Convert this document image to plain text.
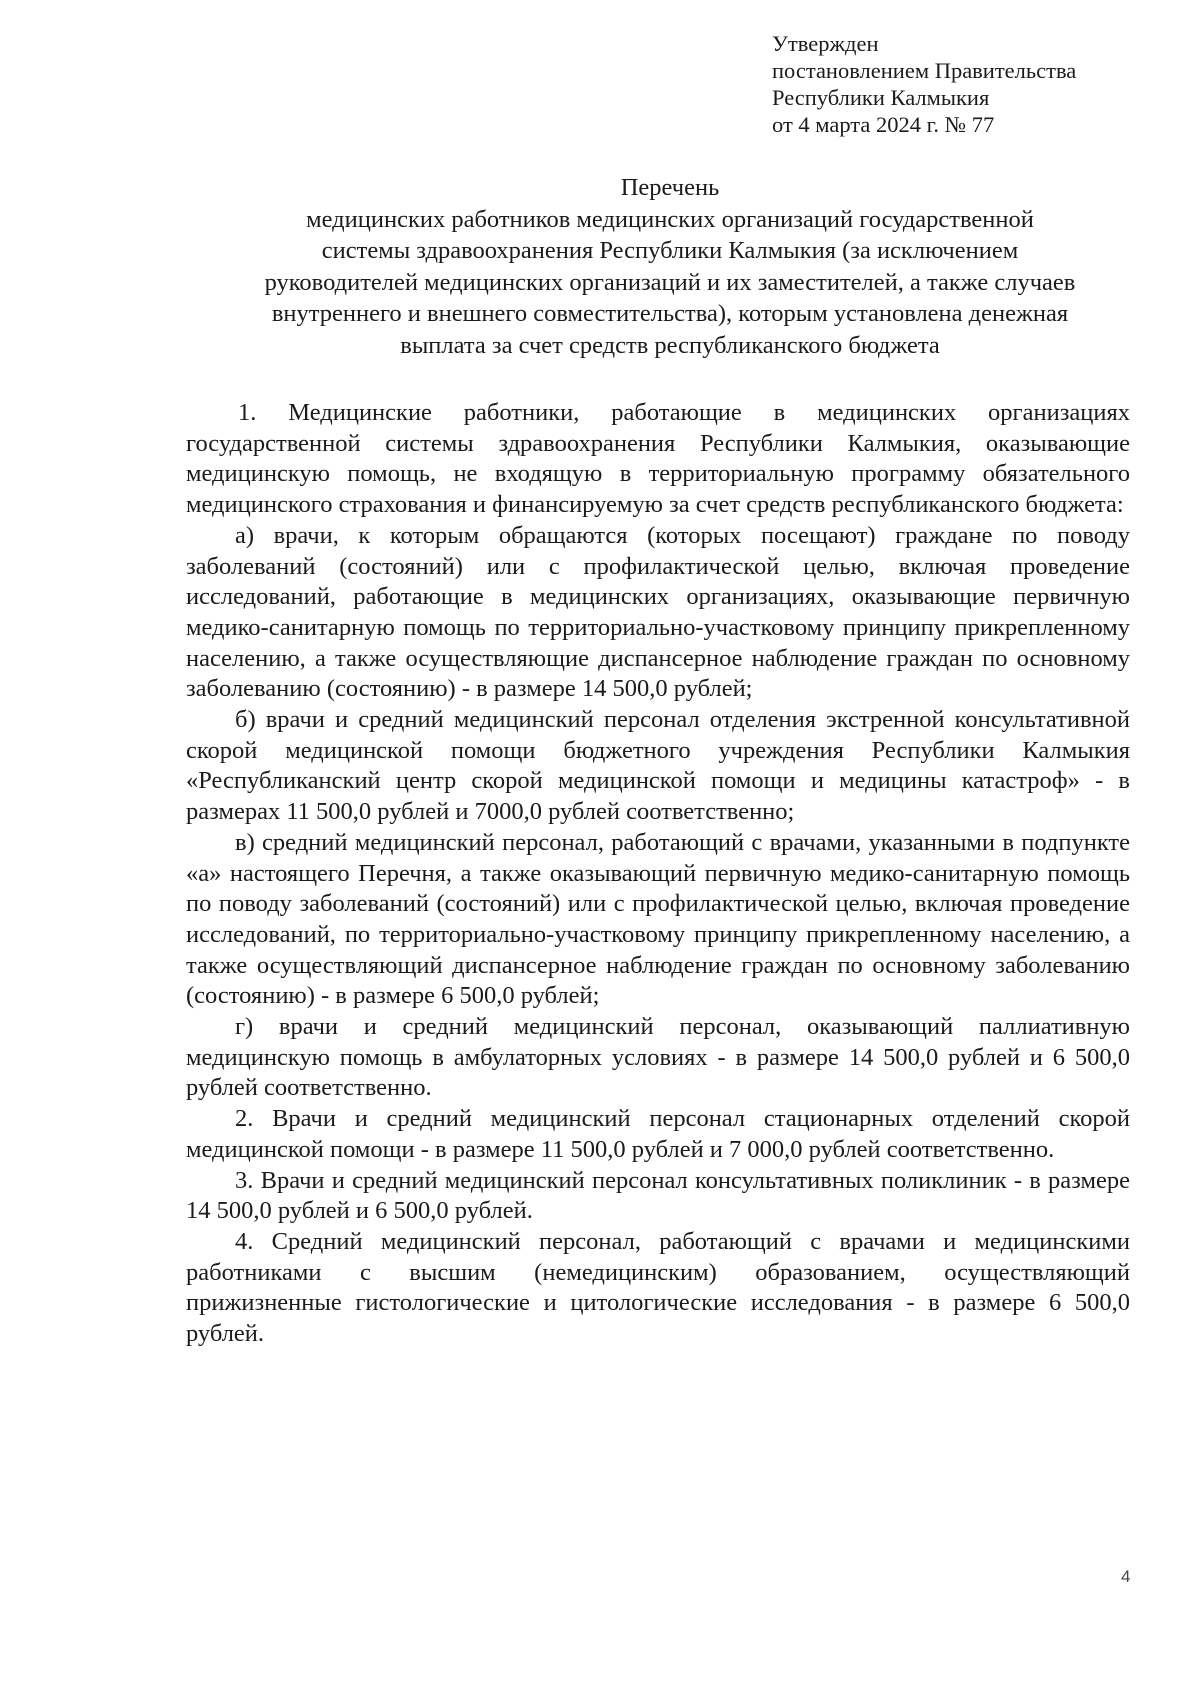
Утвержден
постановлением Правительства
Республики Калмыкия
от 4 марта 2024 г. № 77
Перечень
медицинских работников медицинских организаций государственной
системы здравоохранения Республики Калмыкия (за исключением
руководителей медицинских организаций и их заместителей, а также случаев
внутреннего и внешнего совместительства), которым установлена денежная
выплата за счет средств республиканского бюджета

1. Медицинские работники, работающие в медицинских организациях государственной системы здравоохранения Республики Калмыкия, оказывающие медицинскую помощь, не входящую в территориальную программу обязательного медицинского страхования и финансируемую за счет средств республиканского бюджета:

а) врачи, к которым обращаются (которых посещают) граждане по поводу заболеваний (состояний) или с профилактической целью, включая проведение исследований, работающие в медицинских организациях, оказывающие первичную медико-санитарную помощь по территориально-участковому принципу прикрепленному населению, а также осуществляющие диспансерное наблюдение граждан по основному заболеванию (состоянию) - в размере 14 500,0 рублей;

б) врачи и средний медицинский персонал отделения экстренной консультативной скорой медицинской помощи бюджетного учреждения Республики Калмыкия «Республиканский центр скорой медицинской помощи и медицины катастроф» - в размерах 11 500,0 рублей и 7000,0 рублей соответственно;

в) средний медицинский персонал, работающий с врачами, указанными в подпункте «а» настоящего Перечня, а также оказывающий первичную медико-санитарную помощь по поводу заболеваний (состояний) или с профилактической целью, включая проведение исследований, по территориально-участковому принципу прикрепленному населению, а также осуществляющий диспансерное наблюдение граждан по основному заболеванию (состоянию) - в размере 6 500,0 рублей;

г) врачи и средний медицинский персонал, оказывающий паллиативную медицинскую помощь в амбулаторных условиях - в размере 14 500,0 рублей и 6 500,0 рублей соответственно.

2. Врачи и средний медицинский персонал стационарных отделений скорой медицинской помощи - в размере 11 500,0 рублей и 7 000,0 рублей соответственно.

3. Врачи и средний медицинский персонал консультативных поликлиник - в размере 14 500,0 рублей и 6 500,0 рублей.

4. Средний медицинский персонал, работающий с врачами и медицинскими работниками с высшим (немедицинским) образованием, осуществляющий прижизненные гистологические и цитологические исследования - в размере 6 500,0 рублей.

4
